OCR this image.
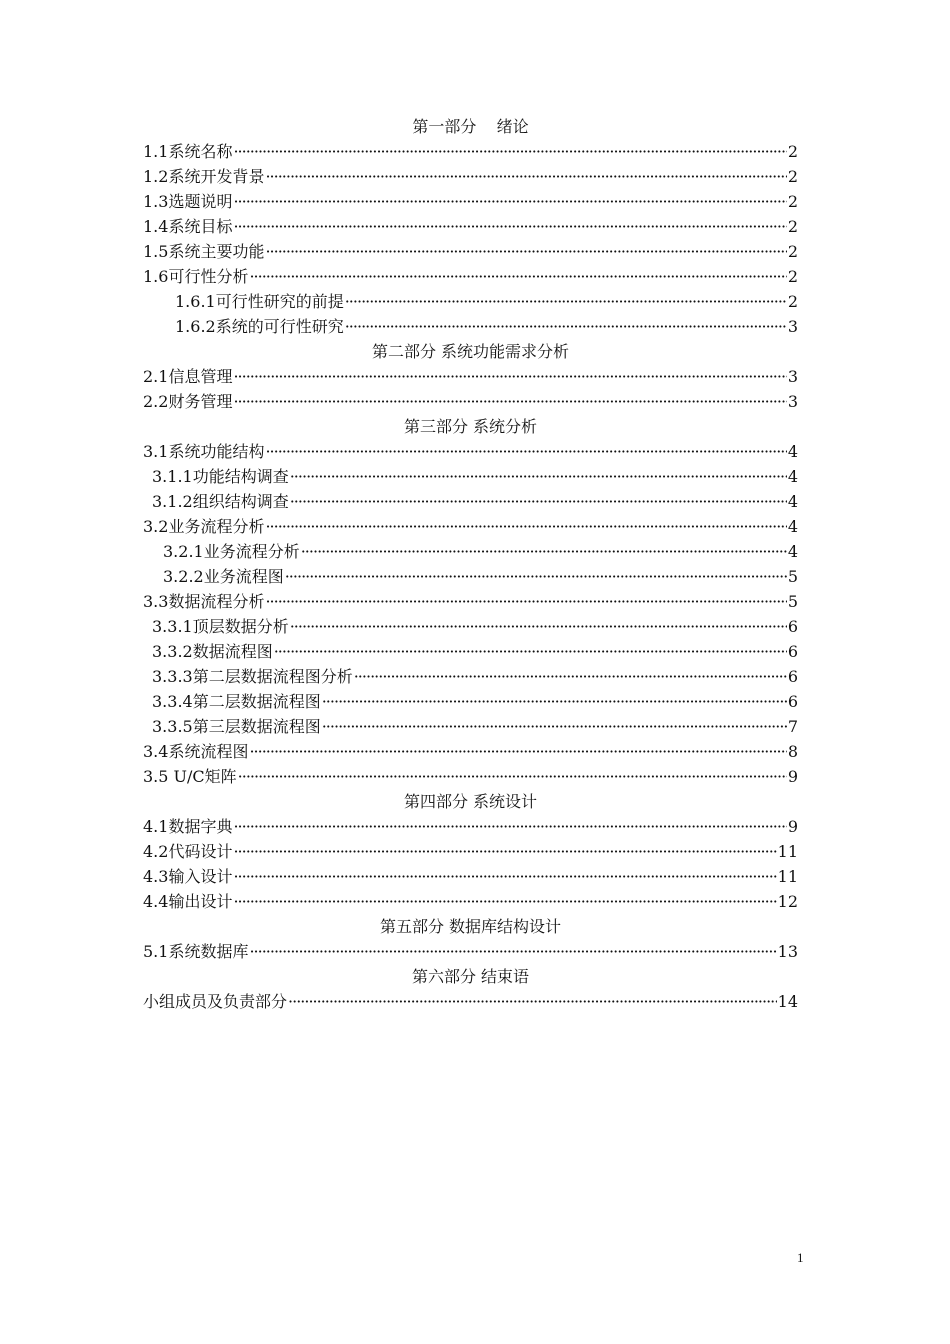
第一部分    绪论
1.1系统名称 ·····	2
1.2系统开发背景 ·····	2
1.3选题说明 ·····	2
1.4系统目标 ·····	2
1.5系统主要功能 ·····	2
1.6可行性分析 ·····	2
1.6.1可行性研究的前提 ·····	2
1.6.2系统的可行性研究 ·····	3
第二部分 系统功能需求分析
2.1信息管理 ·····	3
2.2财务管理 ·····	3
第三部分 系统分析
3.1系统功能结构 ·····	4
3.1.1功能结构调查 ·····	4
3.1.2组织结构调查 ·····	4
3.2业务流程分析 ·····	4
3.2.1业务流程分析 ·····	4
3.2.2业务流程图 ·····	5
3.3数据流程分析 ·····	5
3.3.1顶层数据分析 ·····	6
3.3.2数据流程图 ·····	6
3.3.3第二层数据流程图分析 ·····	6
3.3.4第二层数据流程图 ·····	6
3.3.5第三层数据流程图 ·····	7
3.4系统流程图 ·····	8
3.5 U/C矩阵 ·····	9
第四部分 系统设计
4.1数据字典 ·····	9
4.2代码设计 ·····	11
4.3输入设计 ·····	11
4.4输出设计 ·····	12
第五部分 数据库结构设计
5.1系统数据库 ·····	13
第六部分 结束语
小组成员及负责部分 ·····	14
1
